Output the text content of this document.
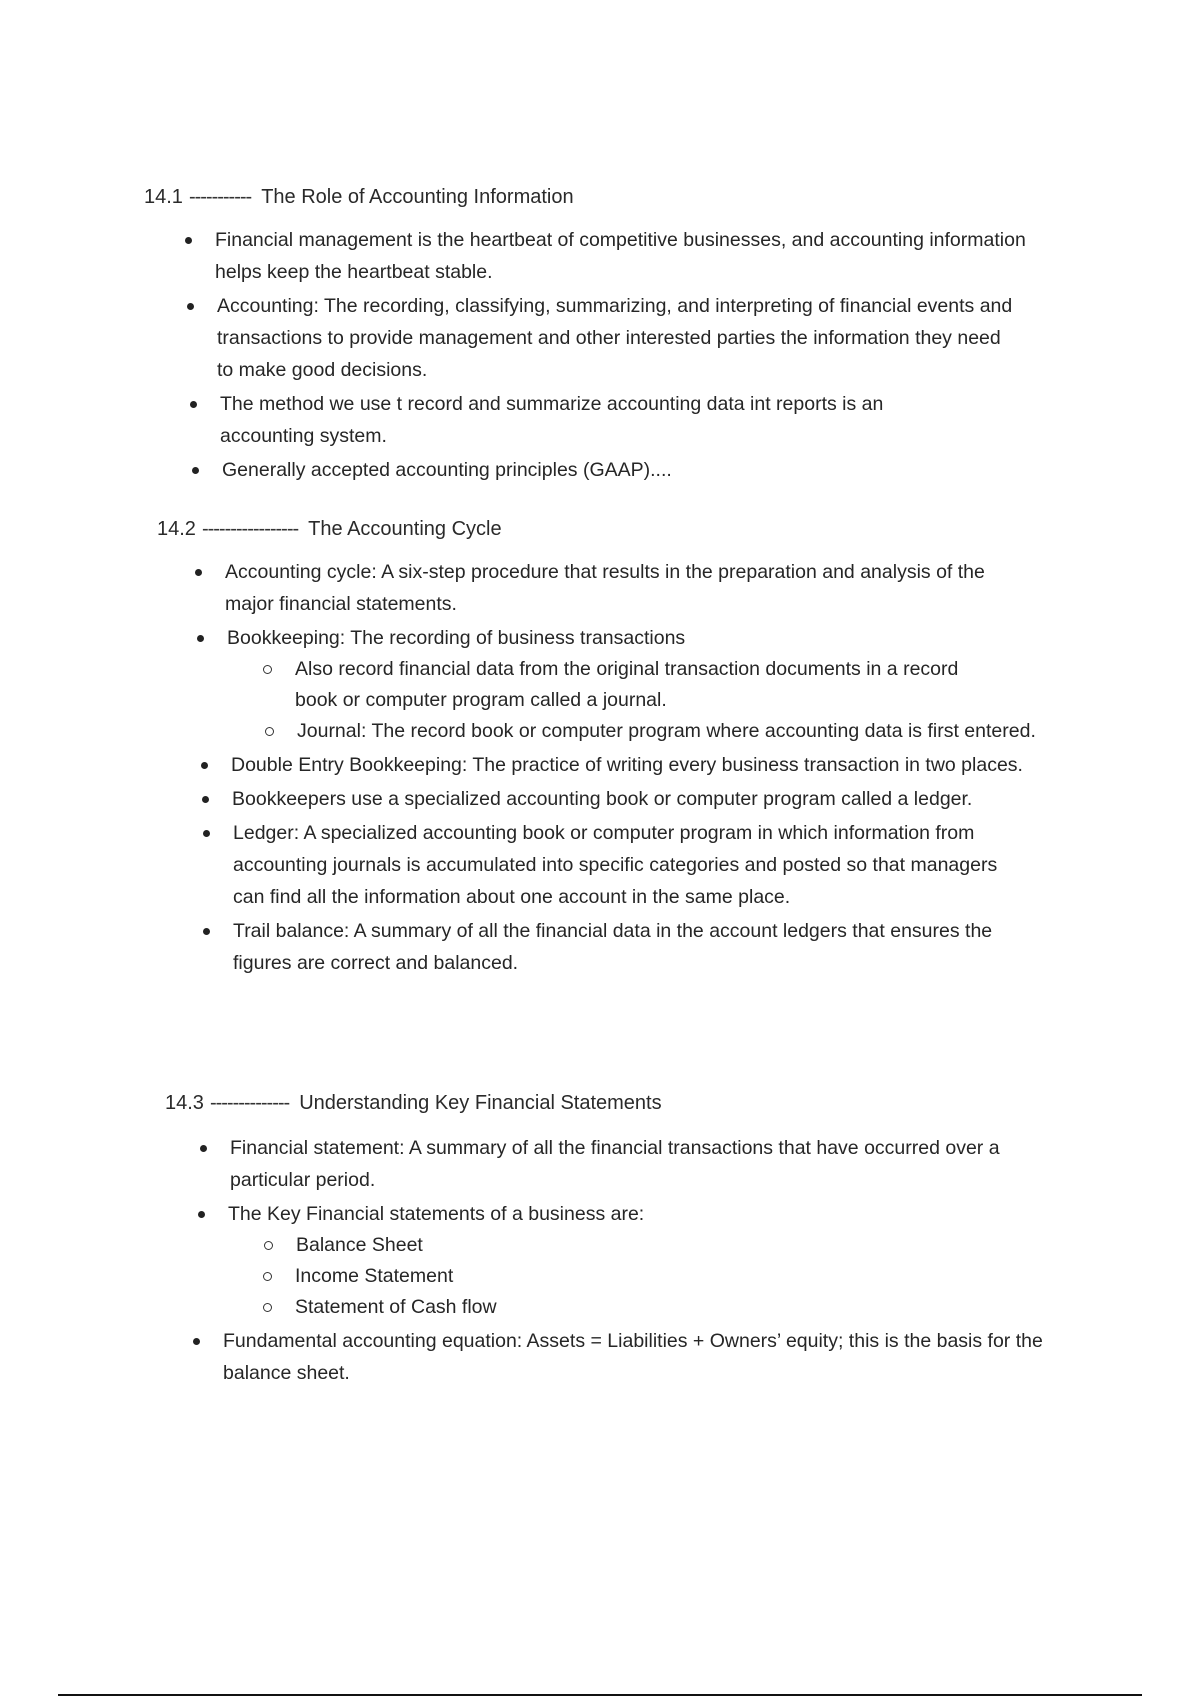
14.1 ----------- The Role of Accounting Information
Financial management is the heartbeat of competitive businesses, and accounting information helps keep the heartbeat stable.
Accounting: The recording, classifying, summarizing, and interpreting of financial events and transactions to provide management and other interested parties the information they need to make good decisions.
The method we use t record and summarize accounting data int reports is an accounting system.
Generally accepted accounting principles (GAAP)....
14.2 ----------------- The Accounting Cycle
Accounting cycle: A six-step procedure that results in the preparation and analysis of the major financial statements.
Bookkeeping: The recording of business transactions
Also record financial data from the original transaction documents in a record book or computer program called a journal.
Journal: The record book or computer program where accounting data is first entered.
Double Entry Bookkeeping: The practice of writing every business transaction in two places.
Bookkeepers use a specialized accounting book or computer program called a ledger.
Ledger: A specialized accounting book or computer program in which information from accounting journals is accumulated into specific categories and posted so that managers can find all the information about one account in the same place.
Trail balance: A summary of all the financial data in the account ledgers that ensures the figures are correct and balanced.
14.3 -------------- Understanding Key Financial Statements
Financial statement: A summary of all the financial transactions that have occurred over a particular period.
The Key Financial statements of a business are:
Balance Sheet
Income Statement
Statement of Cash flow
Fundamental accounting equation: Assets = Liabilities + Owners’ equity; this is the basis for the balance sheet.
